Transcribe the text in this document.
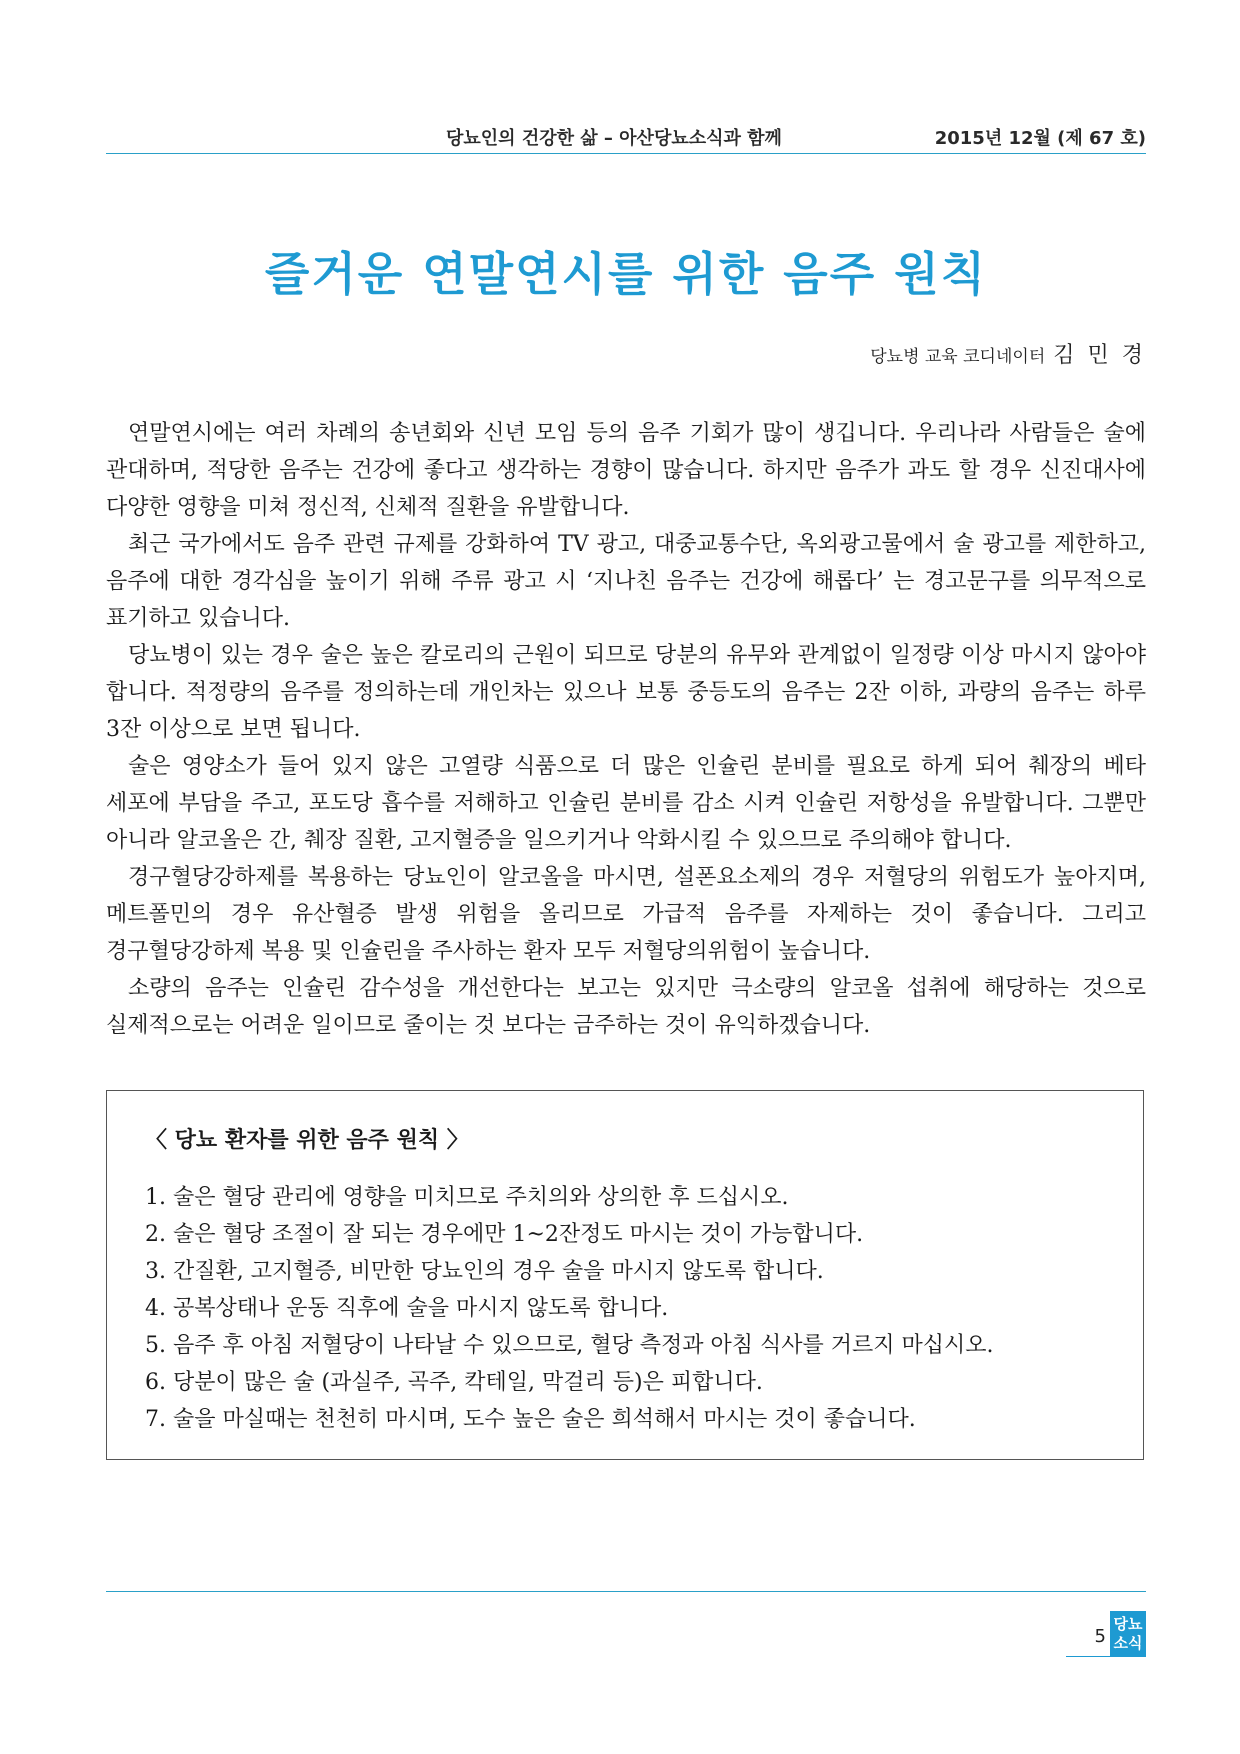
당뇨인의 건강한 삶 – 아산당뇨소식과 함께	2015년 12월 (제 67 호)
즐거운 연말연시를 위한 음주 원칙
당뇨병 교육 코디네이터 김 민 경

연말연시에는 여러 차례의 송년회와 신년 모임 등의 음주 기회가 많이 생깁니다. 우리나라 사람들은 술에 관대하며, 적당한 음주는 건강에 좋다고 생각하는 경향이 많습니다. 하지만 음주가 과도 할 경우 신진대사에 다양한 영향을 미쳐 정신적, 신체적 질환을 유발합니다.

최근 국가에서도 음주 관련 규제를 강화하여 TV 광고, 대중교통수단, 옥외광고물에서 술 광고를 제한하고, 음주에 대한 경각심을 높이기 위해 주류 광고 시 ‘지나친 음주는 건강에 해롭다’ 는 경고문구를 의무적으로 표기하고 있습니다.

당뇨병이 있는 경우 술은 높은 칼로리의 근원이 되므로 당분의 유무와 관계없이 일정량 이상 마시지 않아야 합니다. 적정량의 음주를 정의하는데 개인차는 있으나 보통 중등도의 음주는 2잔 이하, 과량의 음주는 하루 3잔 이상으로 보면 됩니다.

술은 영양소가 들어 있지 않은 고열량 식품으로 더 많은 인슐린 분비를 필요로 하게 되어 췌장의 베타 세포에 부담을 주고, 포도당 흡수를 저해하고 인슐린 분비를 감소 시켜 인슐린 저항성을 유발합니다. 그뿐만 아니라 알코올은 간, 췌장 질환, 고지혈증을 일으키거나 악화시킬 수 있으므로 주의해야 합니다.

경구혈당강하제를 복용하는 당뇨인이 알코올을 마시면, 설폰요소제의 경우 저혈당의 위험도가 높아지며, 메트폴민의 경우 유산혈증 발생 위험을 올리므로 가급적 음주를 자제하는 것이 좋습니다. 그리고 경구혈당강하제 복용 및 인슐린을 주사하는 환자 모두 저혈당의위험이 높습니다.

소량의 음주는 인슐린 감수성을 개선한다는 보고는 있지만 극소량의 알코올 섭취에 해당하는 것으로 실제적으로는 어려운 일이므로 줄이는 것 보다는 금주하는 것이 유익하겠습니다.

〈 당뇨 환자를 위한 음주 원칙 〉
1. 술은 혈당 관리에 영향을 미치므로 주치의와 상의한 후 드십시오.
2. 술은 혈당 조절이 잘 되는 경우에만 1~2잔정도 마시는 것이 가능합니다.
3. 간질환, 고지혈증, 비만한 당뇨인의 경우 술을 마시지 않도록 합니다.
4. 공복상태나 운동 직후에 술을 마시지 않도록 합니다.
5. 음주 후 아침 저혈당이 나타날 수 있으므로, 혈당 측정과 아침 식사를 거르지 마십시오.
6. 당분이 많은 술 (과실주, 곡주, 칵테일, 막걸리 등)은 피합니다.
7. 술을 마실때는 천천히 마시며, 도수 높은 술은 희석해서 마시는 것이 좋습니다.
5
당뇨
소식
